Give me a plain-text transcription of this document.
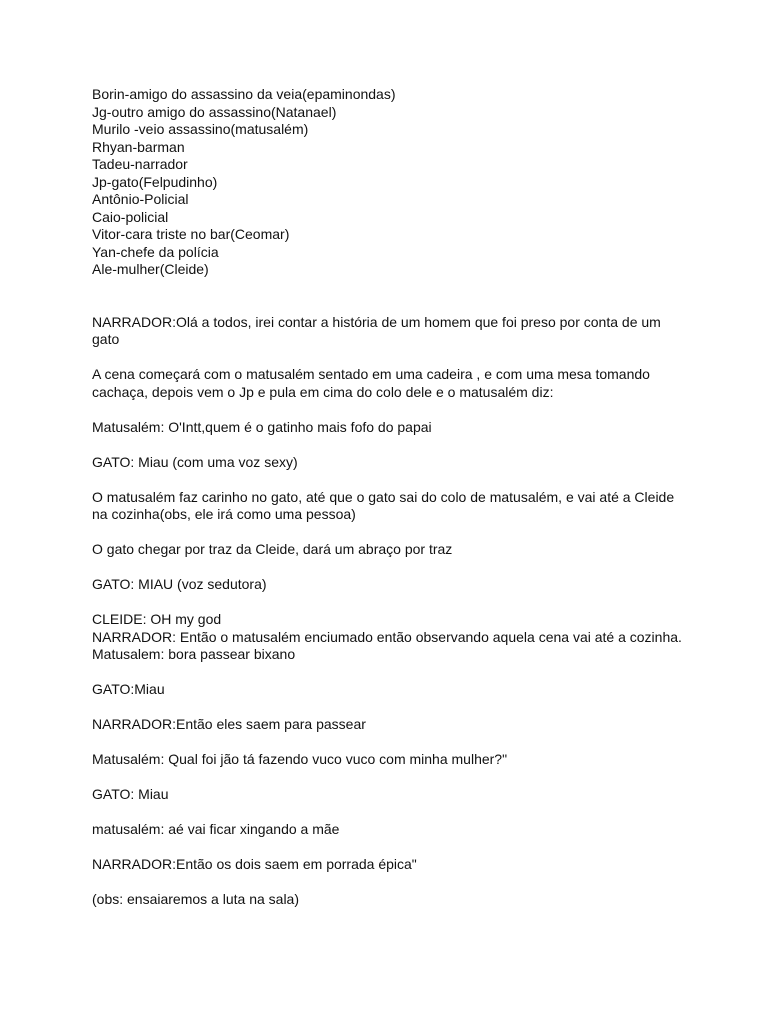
Borin-amigo do assassino da veia(epaminondas)
Jg-outro amigo do assassino(Natanael)
Murilo -veio assassino(matusalém)
Rhyan-barman
Tadeu-narrador
Jp-gato(Felpudinho)
Antônio-Policial
Caio-policial
Vitor-cara triste no bar(Ceomar)
Yan-chefe da polícia
Ale-mulher(Cleide)

NARRADOR:Olá a todos, irei contar a história de um homem que foi preso por conta de um gato

A cena começará com o matusalém sentado em uma cadeira , e com uma mesa tomando cachaça, depois vem o Jp e pula em cima do colo dele e o matusalém diz:

Matusalém: O'Intt,quem é o gatinho mais fofo do papai

GATO: Miau (com uma voz sexy)

O matusalém faz carinho no gato, até que o gato sai do colo de matusalém, e vai até a Cleide na cozinha(obs, ele irá como uma pessoa)

O gato chegar por traz da Cleide, dará um abraço por traz

GATO: MIAU (voz sedutora)

CLEIDE: OH my god

NARRADOR: Então o matusalém enciumado então observando aquela cena vai até a cozinha.

Matusalem: bora passear bixano

GATO:Miau

NARRADOR:Então eles saem para passear

Matusalém: Qual foi jão tá fazendo vuco vuco com minha mulher?"

GATO: Miau

matusalém: aé vai ficar xingando a mãe

NARRADOR:Então os dois saem em porrada épica"

(obs: ensaiaremos a luta na sala)
